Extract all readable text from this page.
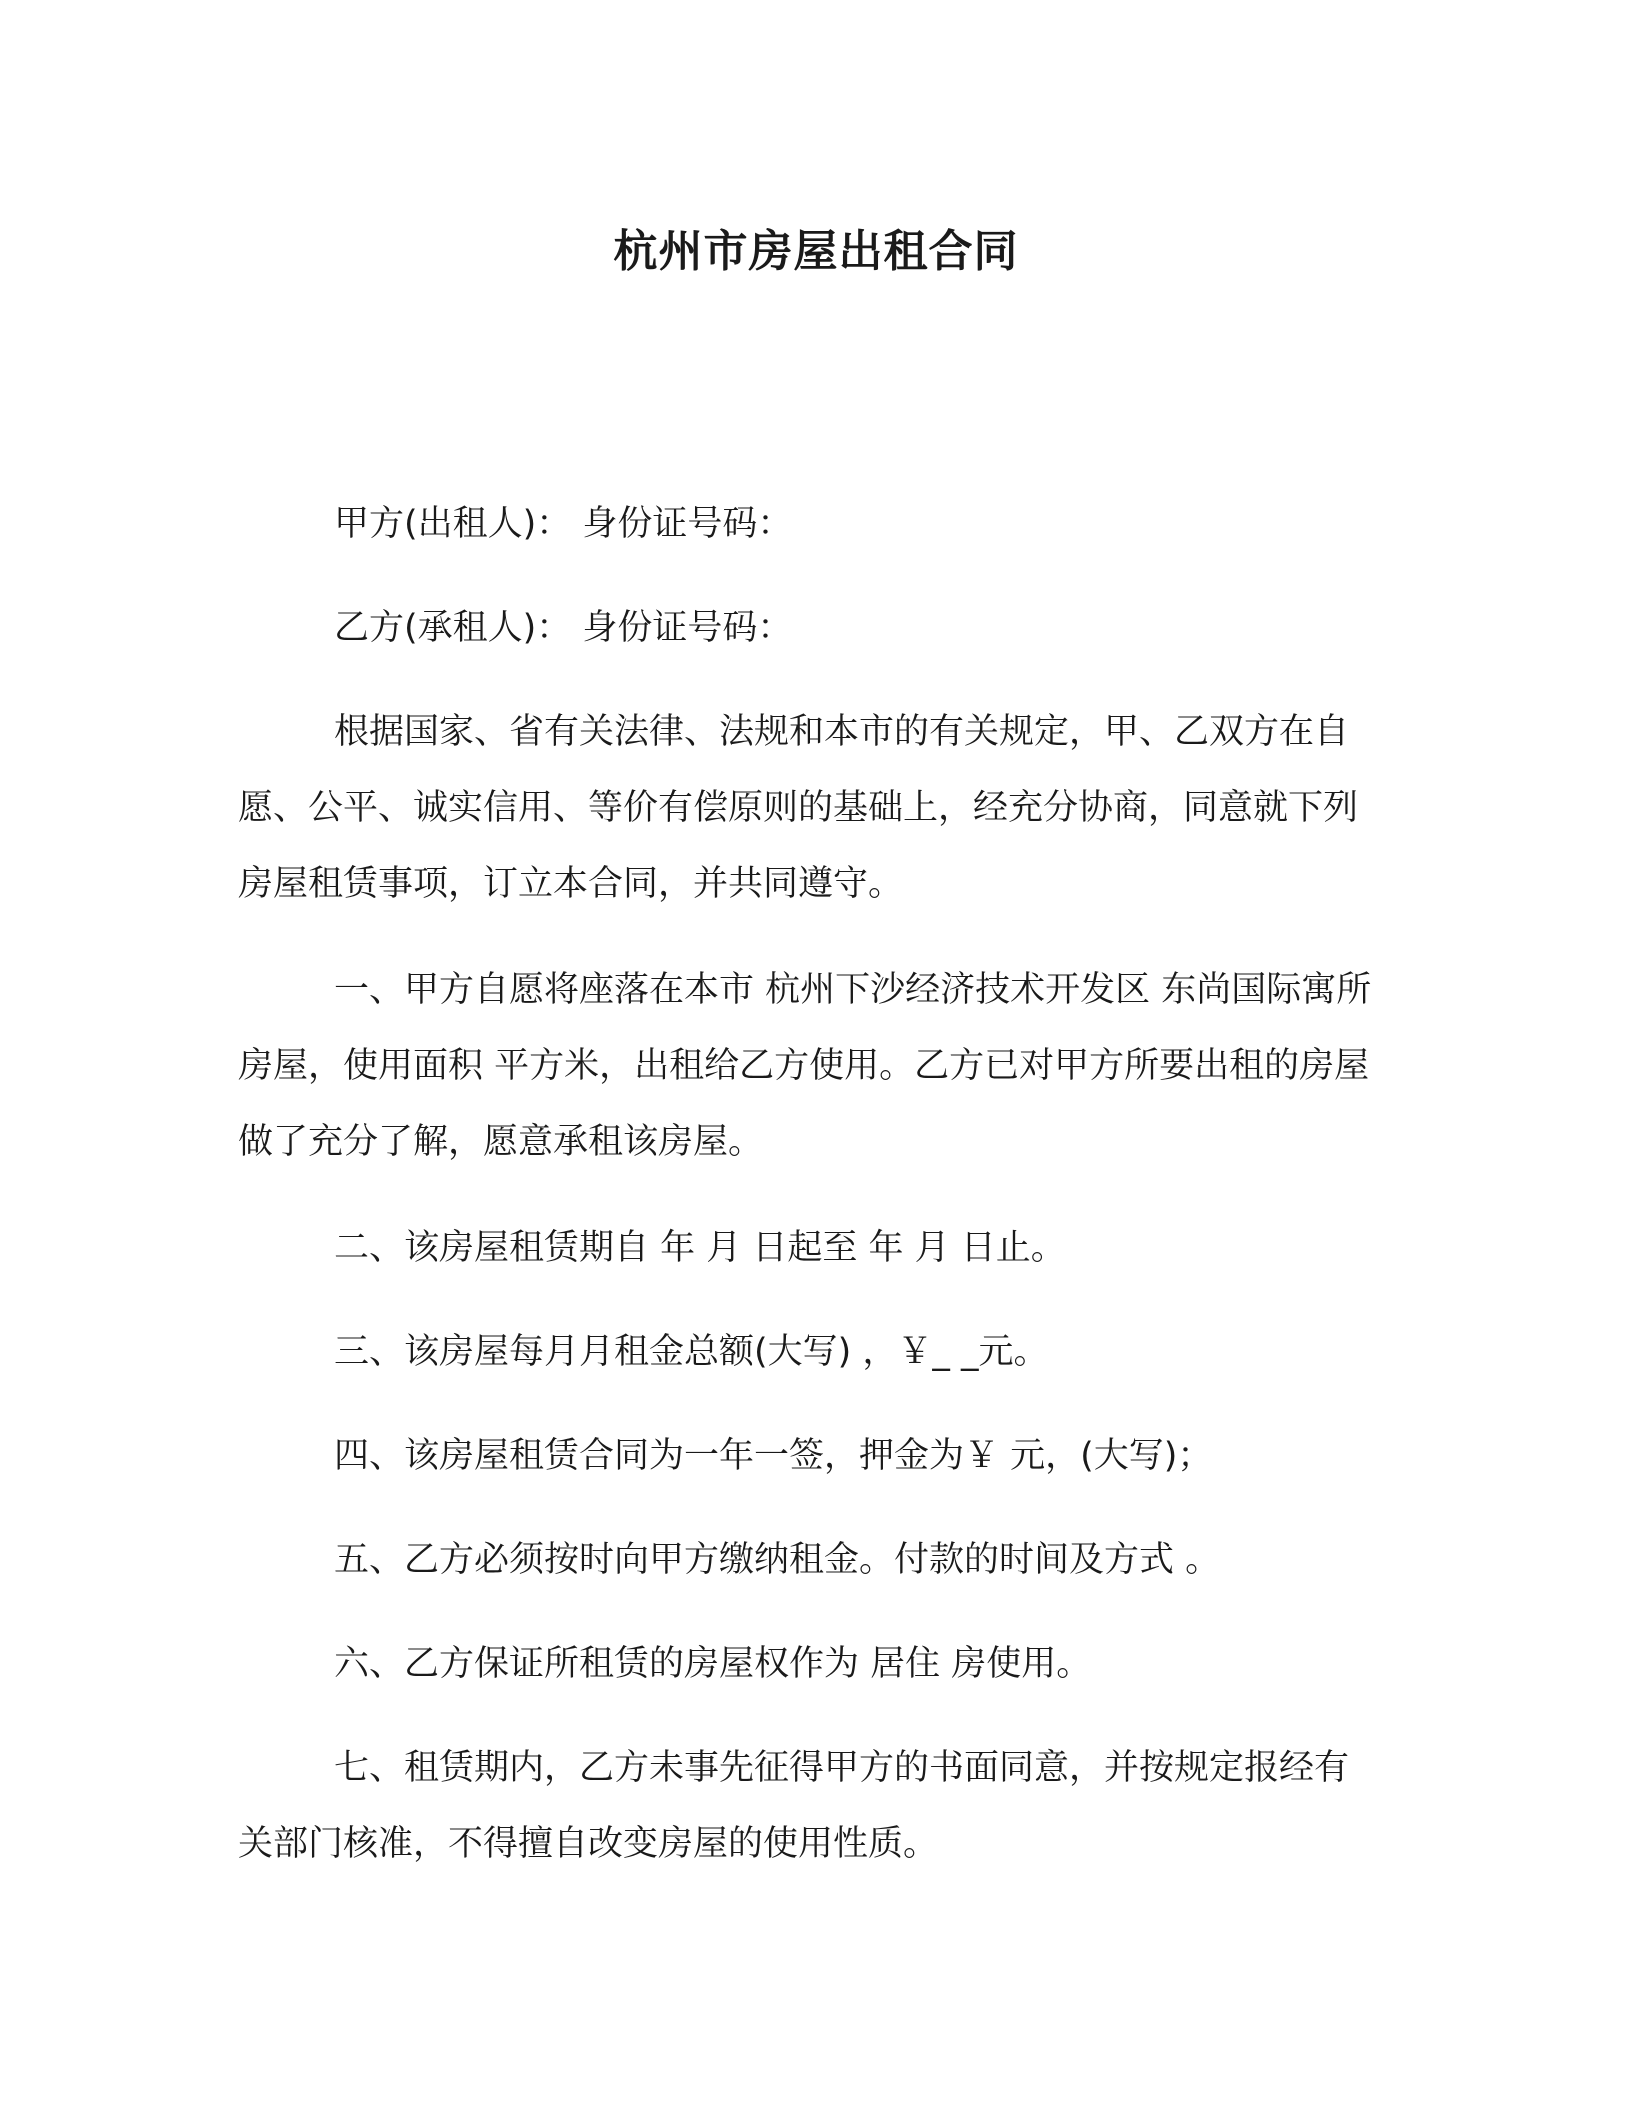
杭州市房屋出租合同

甲方(出租人)： 身份证号码：

乙方(承租人)： 身份证号码：

根据国家、省有关法律、法规和本市的有关规定，甲、乙双方在自愿、公平、诚实信用、等价有偿原则的基础上，经充分协商，同意就下列房屋租赁事项，订立本合同，并共同遵守。

一、甲方自愿将座落在本市 杭州下沙经济技术开发区 东尚国际寓所 房屋，使用面积 平方米，出租给乙方使用。乙方已对甲方所要出租的房屋做了充分了解，愿意承租该房屋。

二、该房屋租赁期自 年 月 日起至 年 月 日止。

三、该房屋每月月租金总额(大写) ，￥_ _元。

四、该房屋租赁合同为一年一签，押金为￥ 元，(大写)；

五、乙方必须按时向甲方缴纳租金。付款的时间及方式 。

六、乙方保证所租赁的房屋权作为 居住 房使用。

七、租赁期内，乙方未事先征得甲方的书面同意，并按规定报经有关部门核准，不得擅自改变房屋的使用性质。
